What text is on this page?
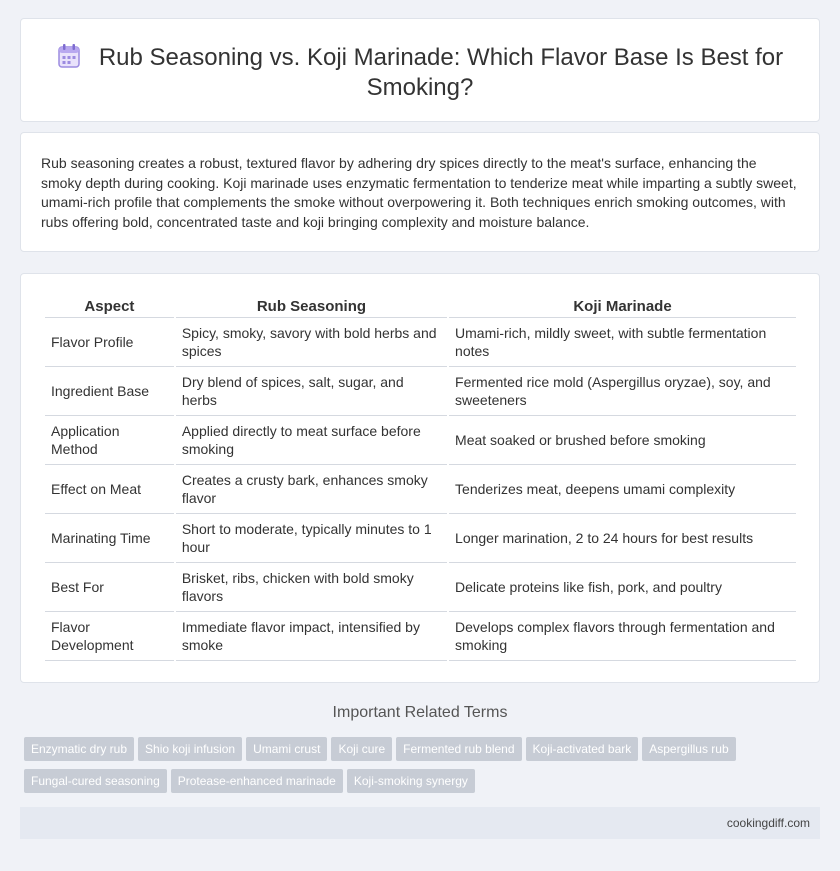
Rub Seasoning vs. Koji Marinade: Which Flavor Base Is Best for Smoking?

Rub seasoning creates a robust, textured flavor by adhering dry spices directly to the meat's surface, enhancing the smoky depth during cooking. Koji marinade uses enzymatic fermentation to tenderize meat while imparting a subtly sweet, umami-rich profile that complements the smoke without overpowering it. Both techniques enrich smoking outcomes, with rubs offering bold, concentrated taste and koji bringing complexity and moisture balance.

Aspect	Rub Seasoning	Koji Marinade
Flavor Profile	Spicy, smoky, savory with bold herbs and spices	Umami-rich, mildly sweet, with subtle fermentation notes
Ingredient Base	Dry blend of spices, salt, sugar, and herbs	Fermented rice mold (Aspergillus oryzae), soy, and sweeteners
Application Method	Applied directly to meat surface before smoking	Meat soaked or brushed before smoking
Effect on Meat	Creates a crusty bark, enhances smoky flavor	Tenderizes meat, deepens umami complexity
Marinating Time	Short to moderate, typically minutes to 1 hour	Longer marination, 2 to 24 hours for best results
Best For	Brisket, ribs, chicken with bold smoky flavors	Delicate proteins like fish, pork, and poultry
Flavor Development	Immediate flavor impact, intensified by smoke	Develops complex flavors through fermentation and smoking
Important Related Terms
Enzymatic dry rub Shio koji infusion Umami crust Koji cure Fermented rub blend Koji-activated bark Aspergillus rub
Fungal-cured seasoning Protease-enhanced marinade Koji-smoking synergy
cookingdiff.com
